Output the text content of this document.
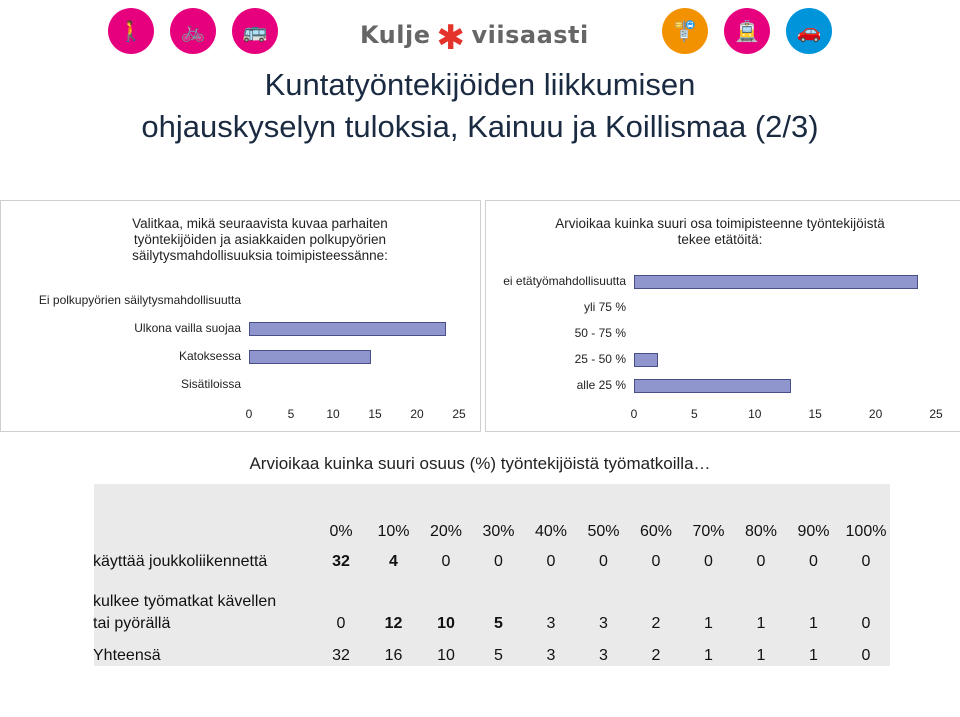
Kulje ✱ viisaasti
🚶	🚲	🚌	🚏	🚊	🚗
Kuntatyöntekijöiden liikkumisen
ohjauskyselyn tuloksia, Kainuu ja Koillismaa (2/3)
Valitkaa, mikä seuraavista kuvaa parhaiten
työntekijöiden ja asiakkaiden polkupyörien
säilytysmahdollisuuksia toimipisteessänne:
Arvioikaa kuinka suuri osa toimipisteenne työntekijöistä
tekee etätöitä:
Arvioikaa kuinka suuri osuus (%) työntekijöistä työmatkoilla…
Ei polkupyörien säilytysmahdollisuutta
Ulkona vailla suojaa
Katoksessa
Sisätiloissa
0	5	10	15	20	25
ei etätyömahdollisuutta
yli 75 %
50 - 75 %
25 - 50 %
alle 25 %
0	5	10	15	20	25
0%	10%	20%	30%	40%	50%	60%	70%	80%	90%	100%
käyttää joukkoliikennettä	32	4	0	0	0	0	0	0	0	0	0
kulkee työmatkat kävellen
tai pyörällä	0	12	10	5	3	3	2	1	1	1	0
Yhteensä	32	16	10	5	3	3	2	1	1	1	0
